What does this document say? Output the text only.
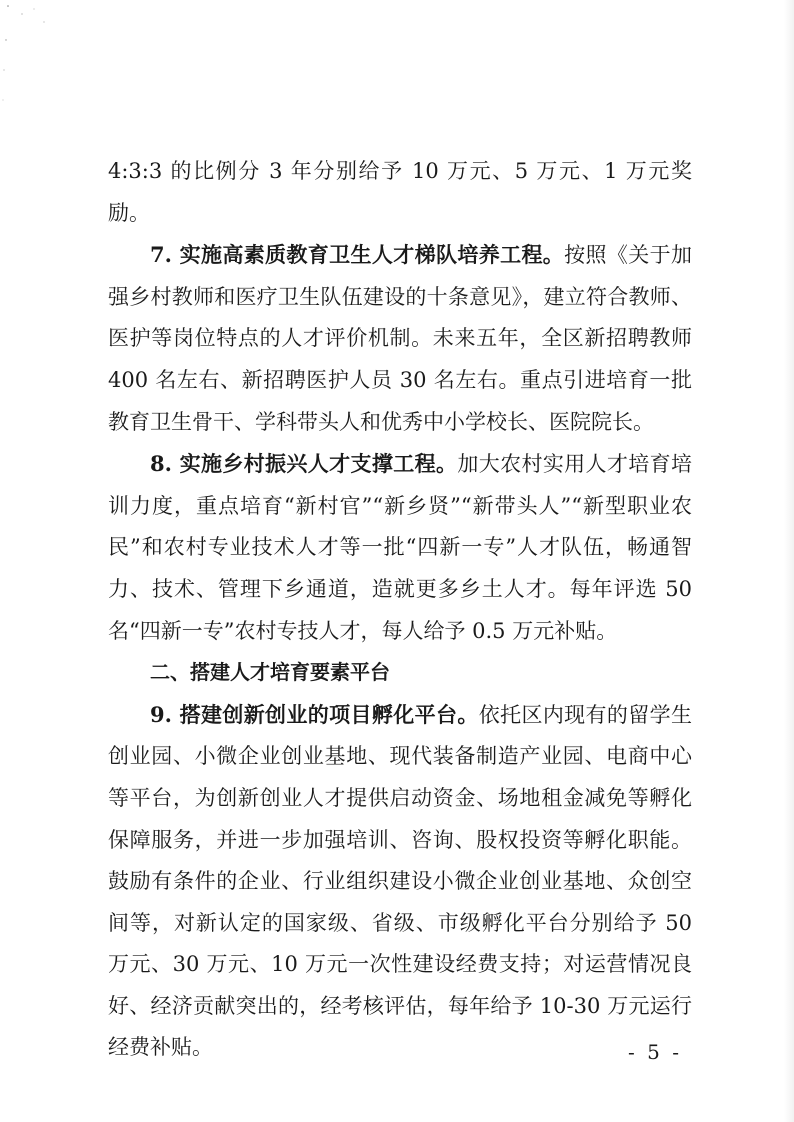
4:3:3 的比例分 3 年分别给予 10 万元、5 万元、1 万元奖励。

7. 实施高素质教育卫生人才梯队培养工程。按照《关于加强乡村教师和医疗卫生队伍建设的十条意见》，建立符合教师、医护等岗位特点的人才评价机制。未来五年，全区新招聘教师 400 名左右、新招聘医护人员 30 名左右。重点引进培育一批教育卫生骨干、学科带头人和优秀中小学校长、医院院长。

8. 实施乡村振兴人才支撑工程。加大农村实用人才培育培训力度，重点培育“新村官”“新乡贤”“新带头人”“新型职业农民”和农村专业技术人才等一批“四新一专”人才队伍，畅通智力、技术、管理下乡通道，造就更多乡土人才。每年评选 50 名“四新一专”农村专技人才，每人给予 0.5 万元补贴。

二、搭建人才培育要素平台

9. 搭建创新创业的项目孵化平台。依托区内现有的留学生创业园、小微企业创业基地、现代装备制造产业园、电商中心等平台，为创新创业人才提供启动资金、场地租金减免等孵化保障服务，并进一步加强培训、咨询、股权投资等孵化职能。鼓励有条件的企业、行业组织建设小微企业创业基地、众创空间等，对新认定的国家级、省级、市级孵化平台分别给予 50 万元、30 万元、10 万元一次性建设经费支持；对运营情况良好、经济贡献突出的，经考核评估，每年给予 10-30 万元运行经费补贴。	- 5 -
